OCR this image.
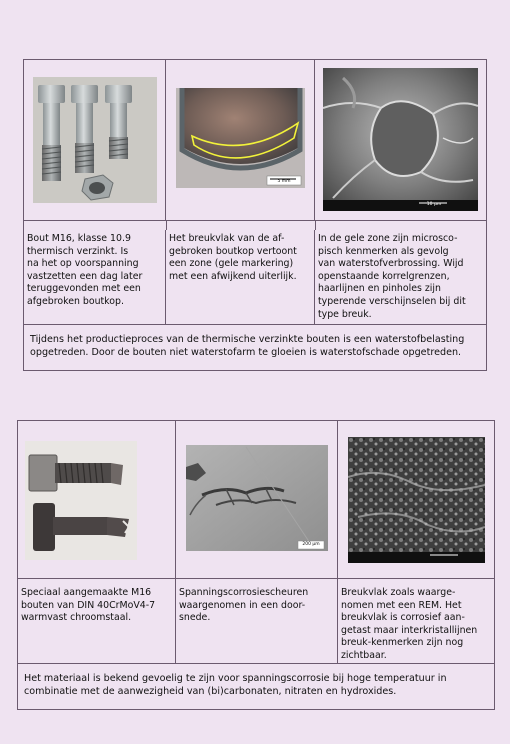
5 mm
10 μm
Bout M16, klasse 10.9
thermisch verzinkt. Is
na het op voorspanning
vastzetten een dag later
teruggevonden met een
afgebroken boutkop.
Het breukvlak van de af-
gebroken boutkop vertoont
een zone (gele markering)
met een afwijkend uiterlijk.
In de gele zone zijn microsco-
pisch kenmerken als gevolg
van waterstofverbrossing. Wijd
openstaande korrelgrenzen,
haarlijnen en pinholes zijn
typerende verschijnselen bij dit
type breuk.
Tijdens het productieproces van de thermische verzinkte bouten is een waterstofbelasting
opgetreden. Door de bouten niet waterstofarm te gloeien is waterstofschade opgetreden.
200 μm
Speciaal aangemaakte M16
bouten van DIN 40CrMoV4-7
warmvast chroomstaal.
Spanningscorrosiescheuren
waargenomen in een door-
snede.
Breukvlak zoals waarge-
nomen met een REM. Het
breukvlak is corrosief aan-
getast maar interkristallijnen
breuk-kenmerken zijn nog
zichtbaar.
Het materiaal is bekend gevoelig te zijn voor spanningscorrosie bij hoge temperatuur in
combinatie met de aanwezigheid van (bi)carbonaten, nitraten en hydroxides.
